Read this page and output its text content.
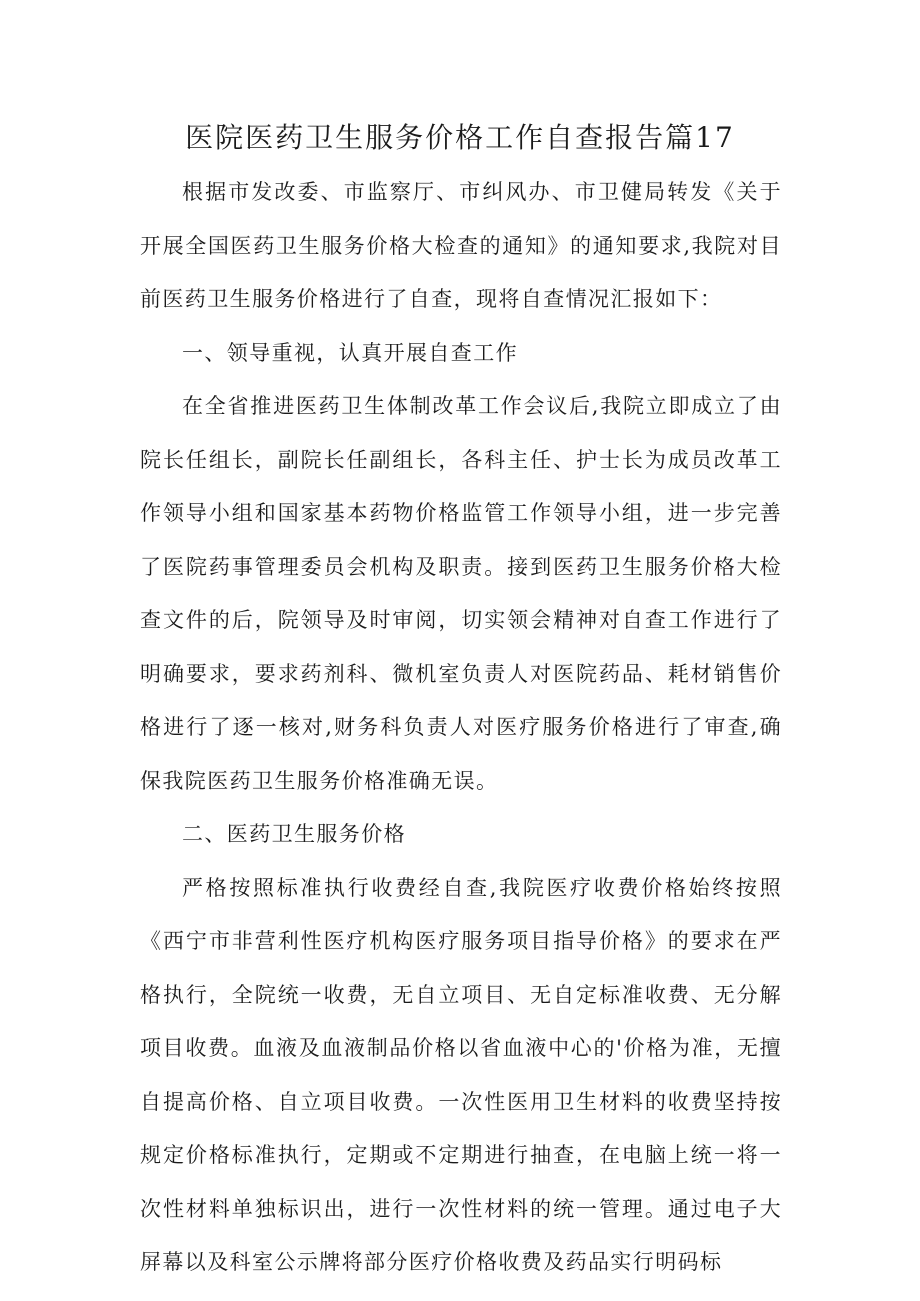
医院医药卫生服务价格工作自查报告篇17

根据市发改委、市监察厅、市纠风办、市卫健局转发《关于开展全国医药卫生服务价格大检查的通知》的通知要求,我院对目前医药卫生服务价格进行了自查，现将自查情况汇报如下：

一、领导重视，认真开展自查工作

在全省推进医药卫生体制改革工作会议后,我院立即成立了由院长任组长，副院长任副组长，各科主任、护士长为成员改革工作领导小组和国家基本药物价格监管工作领导小组，进一步完善了医院药事管理委员会机构及职责。接到医药卫生服务价格大检查文件的后，院领导及时审阅，切实领会精神对自查工作进行了明确要求，要求药剂科、微机室负责人对医院药品、耗材销售价格进行了逐一核对,财务科负责人对医疗服务价格进行了审查,确保我院医药卫生服务价格准确无误。

二、医药卫生服务价格

严格按照标准执行收费经自查,我院医疗收费价格始终按照《西宁市非营利性医疗机构医疗服务项目指导价格》的要求在严格执行，全院统一收费，无自立项目、无自定标准收费、无分解项目收费。血液及血液制品价格以省血液中心的'价格为准，无擅自提高价格、自立项目收费。一次性医用卫生材料的收费坚持按规定价格标准执行，定期或不定期进行抽查，在电脑上统一将一次性材料单独标识出，进行一次性材料的统一管理。通过电子大屏幕以及科室公示牌将部分医疗价格收费及药品实行明码标
